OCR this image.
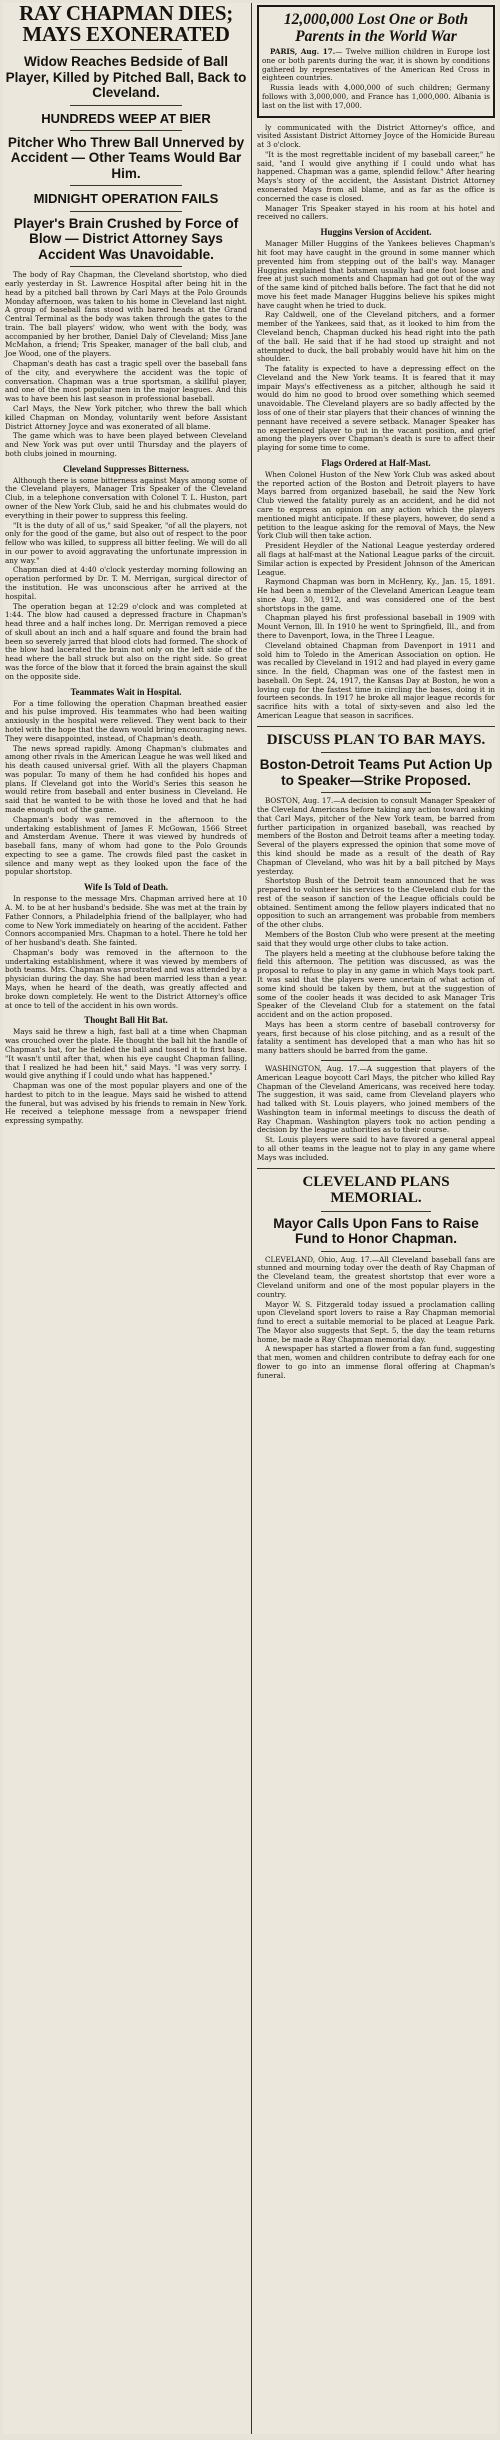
RAY CHAPMAN DIES;
MAYS EXONERATED
Widow Reaches Bedside of Ball Player, Killed by Pitched Ball, Back to Cleveland.
HUNDREDS WEEP AT BIER
Pitcher Who Threw Ball Unnerved by Accident — Other Teams Would Bar Him.
MIDNIGHT OPERATION FAILS
Player's Brain Crushed by Force of Blow — District Attorney Says Accident Was Unavoidable.

The body of Ray Chapman, the Cleveland shortstop, who died early yesterday in St. Lawrence Hospital after being hit in the head by a pitched ball thrown by Carl Mays at the Polo Grounds Monday afternoon, was taken to his home in Cleveland last night. A group of baseball fans stood with bared heads at the Grand Central Terminal as the body was taken through the gates to the train. The ball players' widow, who went with the body, was accompanied by her brother, Daniel Daly of Cleveland; Miss Jane McMahon, a friend; Tris Speaker, manager of the ball club, and Joe Wood, one of the players.

Chapman's death has cast a tragic spell over the baseball fans of the city, and everywhere the accident was the topic of conversation. Chapman was a true sportsman, a skillful player, and one of the most popular men in the major leagues. And this was to have been his last season in professional baseball.

Carl Mays, the New York pitcher, who threw the ball which killed Chapman on Monday, voluntarily went before Assistant District Attorney Joyce and was exonerated of all blame.

The game which was to have been played between Cleveland and New York was put over until Thursday and the players of both clubs joined in mourning.

Cleveland Suppresses Bitterness.

Although there is some bitterness against Mays among some of the Cleveland players, Manager Tris Speaker of the Cleveland Club, in a telephone conversation with Colonel T. L. Huston, part owner of the New York Club, said he and his clubmates would do everything in their power to suppress this feeling.

"It is the duty of all of us," said Speaker, "of all the players, not only for the good of the game, but also out of respect to the poor fellow who was killed, to suppress all bitter feeling. We will do all in our power to avoid aggravating the unfortunate impression in any way."

Chapman died at 4:40 o'clock yesterday morning following an operation performed by Dr. T. M. Merrigan, surgical director of the institution. He was unconscious after he arrived at the hospital.

The operation began at 12:29 o'clock and was completed at 1:44. The blow had caused a depressed fracture in Chapman's head three and a half inches long. Dr. Merrigan removed a piece of skull about an inch and a half square and found the brain had been so severely jarred that blood clots had formed. The shock of the blow had lacerated the brain not only on the left side of the head where the ball struck but also on the right side. So great was the force of the blow that it forced the brain against the skull on the opposite side.

Teammates Wait in Hospital.

For a time following the operation Chapman breathed easier and his pulse improved. His teammates who had been waiting anxiously in the hospital were relieved. They went back to their hotel with the hope that the dawn would bring encouraging news. They were disappointed, instead, of Chapman's death.

The news spread rapidly. Among Chapman's clubmates and among other rivals in the American League he was well liked and his death caused universal grief. With all the players Chapman was popular. To many of them he had confided his hopes and plans. If Cleveland got into the World's Series this season he would retire from baseball and enter business in Cleveland. He said that he wanted to be with those he loved and that he had made enough out of the game.

Chapman's body was removed in the afternoon to the undertaking establishment of James F. McGowan, 1566 Street and Amsterdam Avenue. There it was viewed by hundreds of baseball fans, many of whom had gone to the Polo Grounds expecting to see a game. The crowds filed past the casket in silence and many wept as they looked upon the face of the popular shortstop.

Wife Is Told of Death.

In response to the message Mrs. Chapman arrived here at 10 A. M. to be at her husband's bedside. She was met at the train by Father Connors, a Philadelphia friend of the ballplayer, who had come to New York immediately on hearing of the accident. Father Connors accompanied Mrs. Chapman to a hotel. There he told her of her husband's death. She fainted.

Chapman's body was removed in the afternoon to the undertaking establishment, where it was viewed by members of both teams. Mrs. Chapman was prostrated and was attended by a physician during the day. She had been married less than a year. Mays, when he heard of the death, was greatly affected and broke down completely. He went to the District Attorney's office at once to tell of the accident in his own words.

Thought Ball Hit Bat.

Mays said he threw a high, fast ball at a time when Chapman was crouched over the plate. He thought the ball hit the handle of Chapman's bat, for he fielded the ball and tossed it to first base. "It wasn't until after that, when his eye caught Chapman falling, that I realized he had been hit," said Mays. "I was very sorry. I would give anything if I could undo what has happened."

Chapman was one of the most popular players and one of the hardest to pitch to in the league. Mays said he wished to attend the funeral, but was advised by his friends to remain in New York. He received a telephone message from a newspaper friend expressing sympathy.

12,000,000 Lost One or Both Parents in the World War

PARIS, Aug. 17.— Twelve million children in Europe lost one or both parents during the war, it is shown by conditions gathered by representatives of the American Red Cross in eighteen countries.

Russia leads with 4,000,000 of such children; Germany follows with 3,000,000, and France has 1,000,000. Albania is last on the list with 17,000.

ly communicated with the District Attorney's office, and visited Assistant District Attorney Joyce of the Homicide Bureau at 3 o'clock.

"It is the most regrettable incident of my baseball career," he said, "and I would give anything if I could undo what has happened. Chapman was a game, splendid fellow." After hearing Mays's story of the accident, the Assistant District Attorney exonerated Mays from all blame, and as far as the office is concerned the case is closed.

Manager Tris Speaker stayed in his room at his hotel and received no callers.

Huggins Version of Accident.

Manager Miller Huggins of the Yankees believes Chapman's hit foot may have caught in the ground in some manner which prevented him from stepping out of the ball's way. Manager Huggins explained that batsmen usually had one foot loose and free at just such moments and Chapman had got out of the way of the same kind of pitched balls before. The fact that he did not move his feet made Manager Huggins believe his spikes might have caught when he tried to duck.

Ray Caldwell, one of the Cleveland pitchers, and a former member of the Yankees, said that, as it looked to him from the Cleveland bench, Chapman ducked his head right into the path of the ball. He said that if he had stood up straight and not attempted to duck, the ball probably would have hit him on the shoulder.

The fatality is expected to have a depressing effect on the Cleveland and the New York teams. It is feared that it may impair Mays's effectiveness as a pitcher, although he said it would do him no good to brood over something which seemed unavoidable. The Cleveland players are so badly affected by the loss of one of their star players that their chances of winning the pennant have received a severe setback. Manager Speaker has no experienced player to put in the vacant position, and grief among the players over Chapman's death is sure to affect their playing for some time to come.

Flags Ordered at Half-Mast.

When Colonel Huston of the New York Club was asked about the reported action of the Boston and Detroit players to have Mays barred from organized baseball, he said the New York Club viewed the fatality purely as an accident, and he did not care to express an opinion on any action which the players mentioned might anticipate. If these players, however, do send a petition to the league asking for the removal of Mays, the New York Club will then take action.

President Heydler of the National League yesterday ordered all flags at half-mast at the National League parks of the circuit. Similar action is expected by President Johnson of the American League.

Raymond Chapman was born in McHenry, Ky., Jan. 15, 1891. He had been a member of the Cleveland American League team since Aug. 30, 1912, and was considered one of the best shortstops in the game.

Chapman played his first professional baseball in 1909 with Mount Vernon, Ill. In 1910 he went to Springfield, Ill., and from there to Davenport, Iowa, in the Three I League.

Cleveland obtained Chapman from Davenport in 1911 and sold him to Toledo in the American Association on option. He was recalled by Cleveland in 1912 and had played in every game since. In the field, Chapman was one of the fastest men in baseball. On Sept. 24, 1917, the Kansas Day at Boston, he won a loving cup for the fastest time in circling the bases, doing it in fourteen seconds. In 1917 he broke all major league records for sacrifice hits with a total of sixty-seven and also led the American League that season in sacrifices.

DISCUSS PLAN TO BAR MAYS.
Boston-Detroit Teams Put Action Up to Speaker—Strike Proposed.

BOSTON, Aug. 17.—A decision to consult Manager Speaker of the Cleveland Americans before taking any action toward asking that Carl Mays, pitcher of the New York team, be barred from further participation in organized baseball, was reached by members of the Boston and Detroit teams after a meeting today. Several of the players expressed the opinion that some move of this kind should be made as a result of the death of Ray Chapman of Cleveland, who was hit by a ball pitched by Mays yesterday.

Shortstop Bush of the Detroit team announced that he was prepared to volunteer his services to the Cleveland club for the rest of the season if sanction of the League officials could be obtained. Sentiment among the fellow players indicated that no opposition to such an arrangement was probable from members of the other clubs.

Members of the Boston Club who were present at the meeting said that they would urge other clubs to take action.

The players held a meeting at the clubhouse before taking the field this afternoon. The petition was discussed, as was the proposal to refuse to play in any game in which Mays took part. It was said that the players were uncertain of what action of some kind should be taken by them, but at the suggestion of some of the cooler heads it was decided to ask Manager Tris Speaker of the Cleveland Club for a statement on the fatal accident and on the action proposed.

Mays has been a storm centre of baseball controversy for years, first because of his close pitching, and as a result of the fatality a sentiment has developed that a man who has hit so many batters should be barred from the game.

WASHINGTON, Aug. 17.—A suggestion that players of the American League boycott Carl Mays, the pitcher who killed Ray Chapman of the Cleveland Americans, was received here today. The suggestion, it was said, came from Cleveland players who had talked with St. Louis players, who joined members of the Washington team in informal meetings to discuss the death of Ray Chapman. Washington players took no action pending a decision by the league authorities as to their course.

St. Louis players were said to have favored a general appeal to all other teams in the league not to play in any game where Mays was included.

CLEVELAND PLANS MEMORIAL.
Mayor Calls Upon Fans to Raise Fund to Honor Chapman.

CLEVELAND, Ohio, Aug. 17.—All Cleveland baseball fans are stunned and mourning today over the death of Ray Chapman of the Cleveland team, the greatest shortstop that ever wore a Cleveland uniform and one of the most popular players in the country.

Mayor W. S. Fitzgerald today issued a proclamation calling upon Cleveland sport lovers to raise a Ray Chapman memorial fund to erect a suitable memorial to be placed at League Park. The Mayor also suggests that Sept. 5, the day the team returns home, be made a Ray Chapman memorial day.

A newspaper has started a flower from a fan fund, suggesting that men, women and children contribute to defray each for one flower to go into an immense floral offering at Chapman's funeral.
